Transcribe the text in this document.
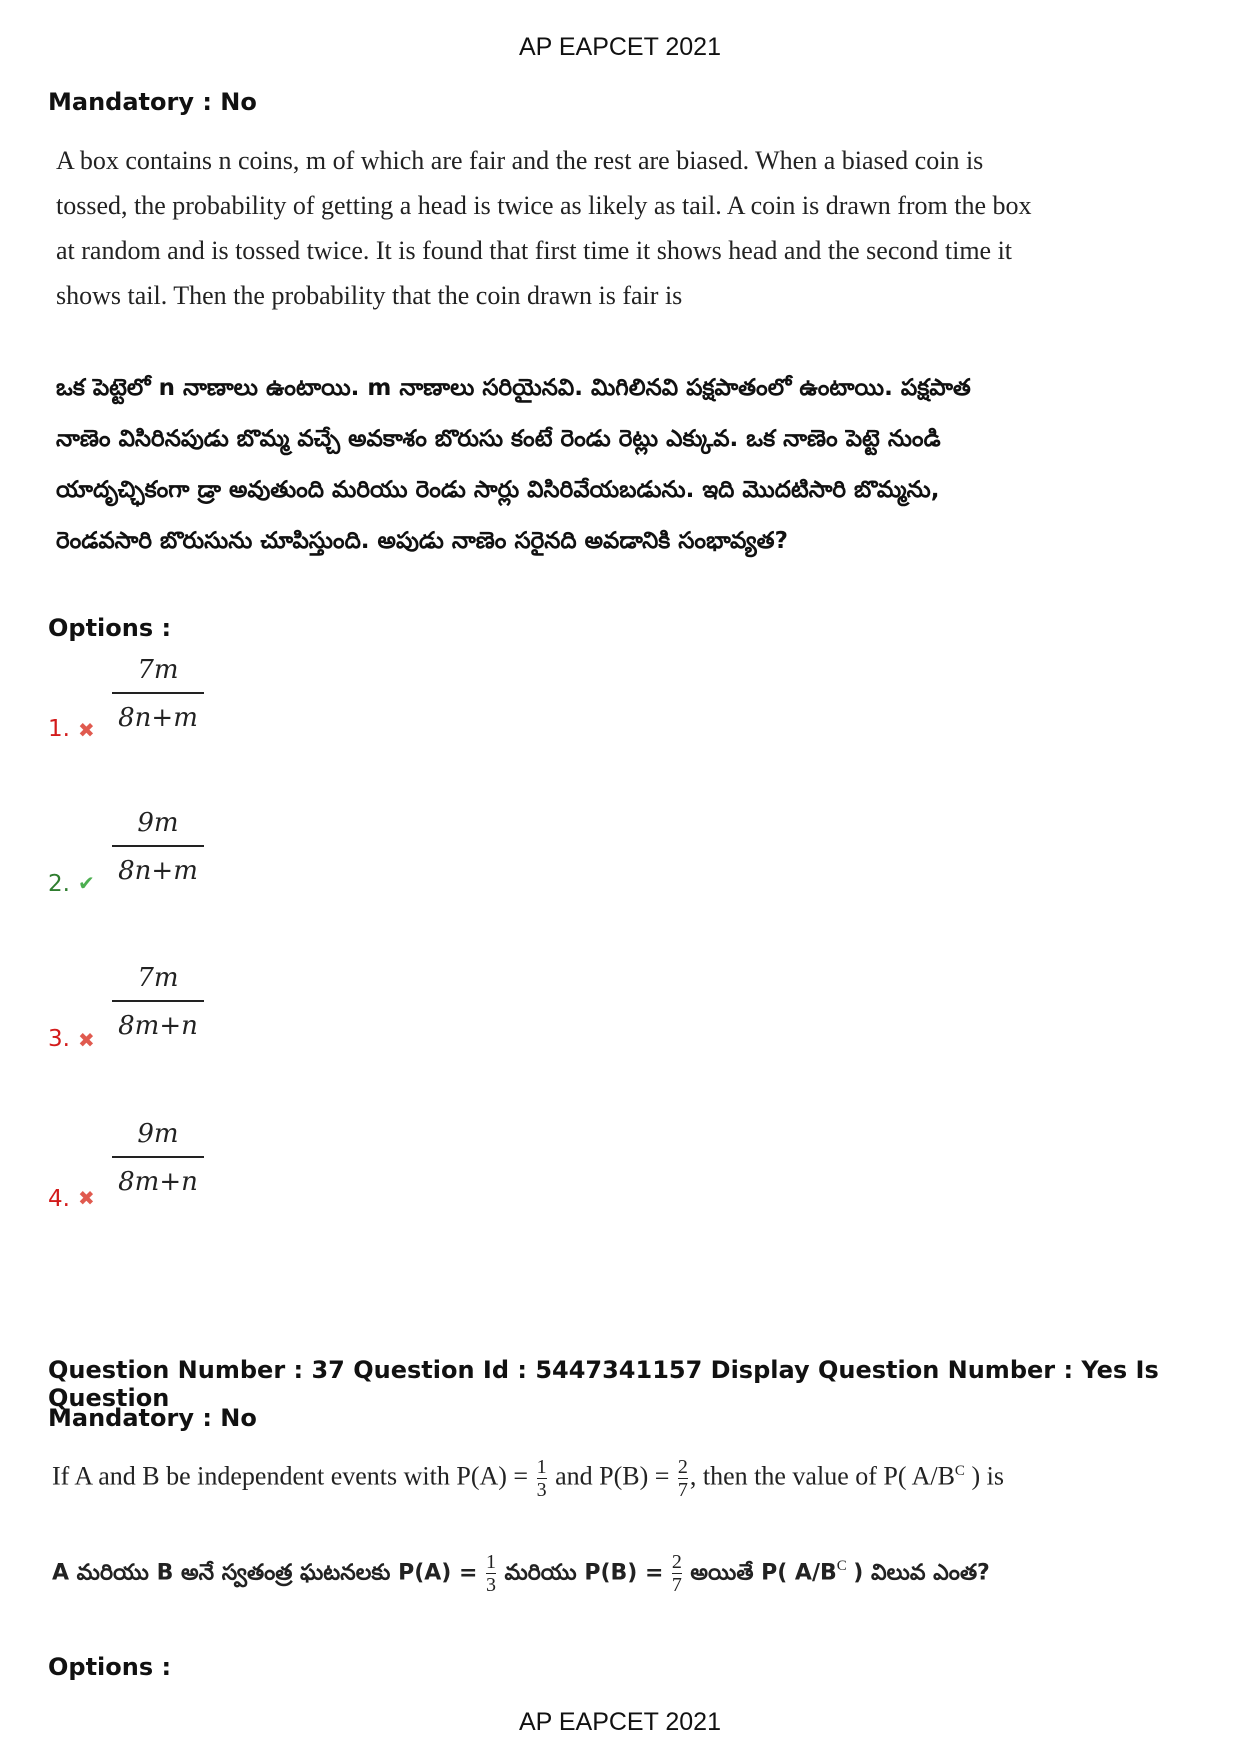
AP EAPCET 2021
Mandatory : No
A box contains n coins, m of which are fair and the rest are biased. When a biased coin is
tossed, the probability of getting a head is twice as likely as tail. A coin is drawn from the box
at random and is tossed twice. It is found that first time it shows head and the second time it
shows tail. Then the probability that the coin drawn is fair is
ఒక పెట్టెలో n నాణాలు ఉంటాయి. m నాణాలు సరియైనవి. మిగిలినవి పక్షపాతంలో ఉంటాయి. పక్షపాత
నాణెం విసిరినపుడు బొమ్మ వచ్చే అవకాశం బొరుసు కంటే రెండు రెట్లు ఎక్కువ. ఒక నాణెం పెట్టె నుండి
యాదృచ్ఛికంగా డ్రా అవుతుంది మరియు రెండు సార్లు విసిరివేయబడును. ఇది మొదటిసారి బొమ్మను,
రెండవసారి బొరుసును చూపిస్తుంది. అపుడు నాణెం సరైనది అవడానికి సంభావ్యత?
Options :
1. ✖
7m
8n+m
2. ✔
9m
8n+m
3. ✖
7m
8m+n
4. ✖
9m
8m+n
Question Number : 37 Question Id : 5447341157 Display Question Number : Yes Is Question
Mandatory : No
If A and B be independent events with $P(A) = \frac{1}{3}$ and $P(B) = \frac{2}{7}$ , then the value of P( $A/B^C$ ) is
A మరియు B అనే స్వతంత్ర ఘటనలకు $P(A) = \frac{1}{3}$ మరియు $P(B) = \frac{2}{7}$ అయితే P( $A/B^C$ ) విలువ ఎంత?
Options :
AP EAPCET 2021
